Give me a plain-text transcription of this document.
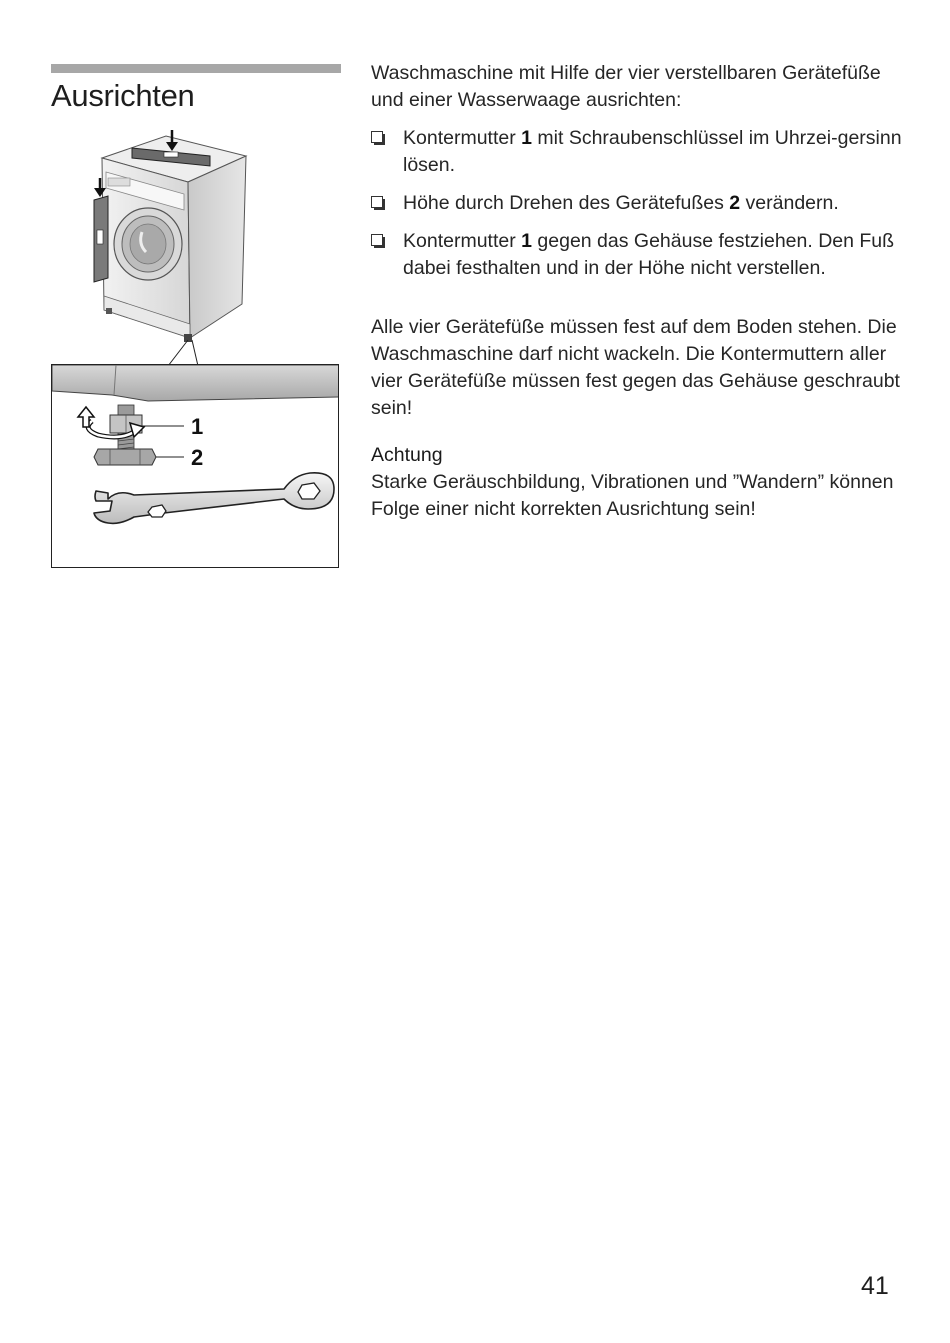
Ausrichten
1
2

Waschmaschine mit Hilfe der vier verstellbaren Gerätefüße und einer Wasserwaage ausrichten:

Kontermutter 1 mit Schraubenschlüssel im Uhrzei-gersinn lösen.
Höhe durch Drehen des Gerätefußes 2 verändern.
Kontermutter 1 gegen das Gehäuse festziehen. Den Fuß dabei festhalten und in der Höhe nicht verstellen.

Alle vier Gerätefüße müssen fest auf dem Boden stehen. Die Waschmaschine darf nicht wackeln. Die Kontermuttern aller vier Gerätefüße müssen fest gegen das Gehäuse geschraubt sein!

Achtung

Starke Geräuschbildung, Vibrationen und ”Wandern” können Folge einer nicht korrekten Ausrichtung sein!

41
